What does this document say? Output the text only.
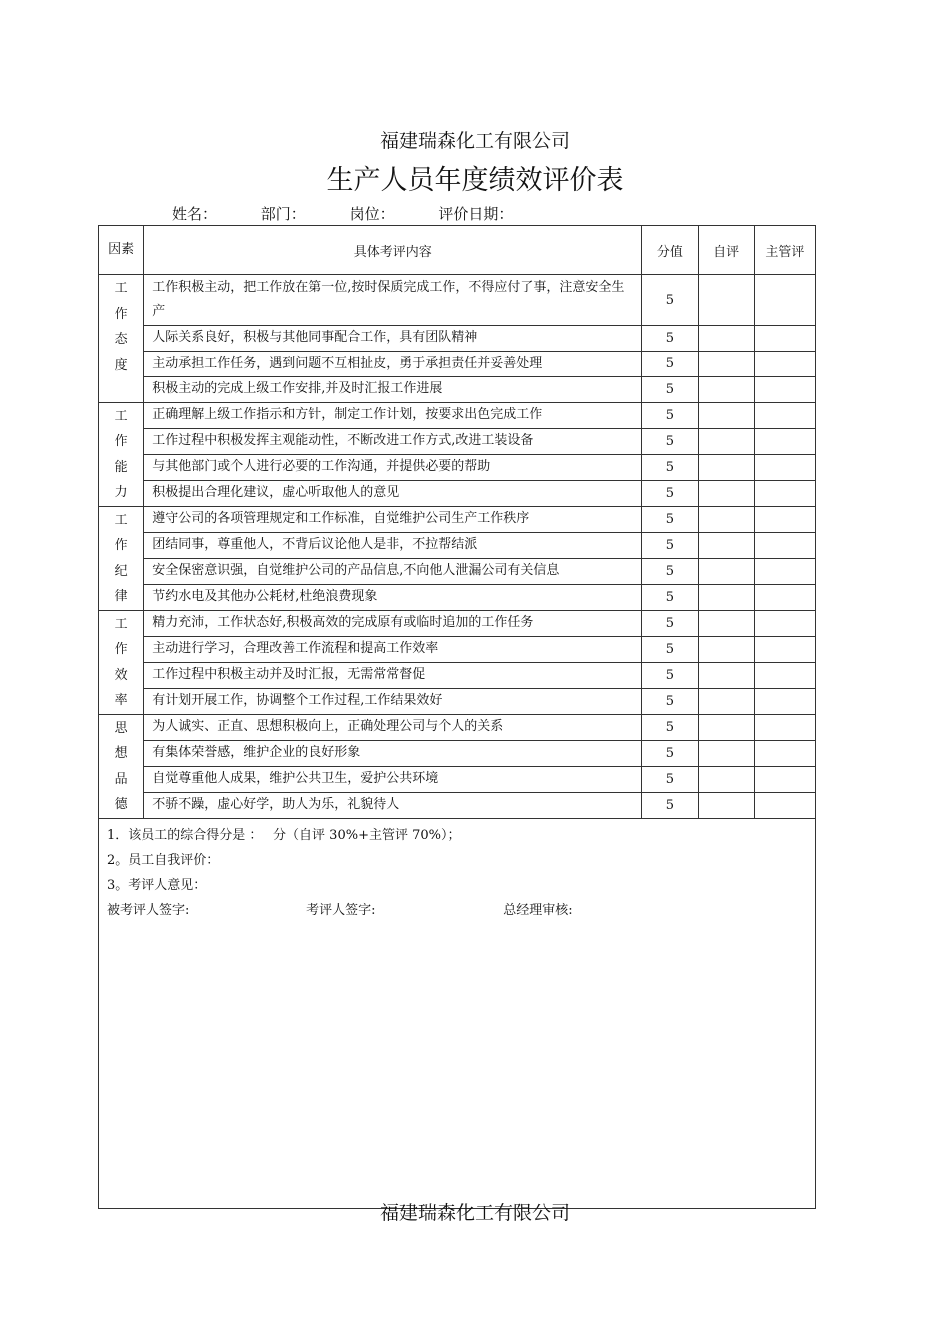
福建瑞森化工有限公司
生产人员年度绩效评价表
姓名：	部门：	岗位：	评价日期：
因素	具体考评内容	分值	自评	主管评

工作态度	工作积极主动，把工作放在第一位,按时保质完成工作，不得应付了事，注意安全生产	5		
	人际关系良好，积极与其他同事配合工作，具有团队精神	5		
	主动承担工作任务，遇到问题不互相扯皮，勇于承担责任并妥善处理	5		
	积极主动的完成上级工作安排,并及时汇报工作进展	5		

工作能力	正确理解上级工作指示和方针，制定工作计划，按要求出色完成工作	5		
	工作过程中积极发挥主观能动性，不断改进工作方式,改进工装设备	5		
	与其他部门或个人进行必要的工作沟通，并提供必要的帮助	5		
	积极提出合理化建议，虚心听取他人的意见	5		

工作纪律	遵守公司的各项管理规定和工作标准，自觉维护公司生产工作秩序	5		
	团结同事，尊重他人，不背后议论他人是非，不拉帮结派	5		
	安全保密意识强，自觉维护公司的产品信息,不向他人泄漏公司有关信息	5		
	节约水电及其他办公耗材,杜绝浪费现象	5		

工作效率	精力充沛，工作状态好,积极高效的完成原有或临时追加的工作任务	5		
	主动进行学习，合理改善工作流程和提高工作效率	5		
	工作过程中积极主动并及时汇报，无需常常督促	5		
	有计划开展工作，协调整个工作过程,工作结果效好	5		

思想品德	为人诚实、正直、思想积极向上，正确处理公司与个人的关系	5		
	有集体荣誉感，维护企业的良好形象	5		
	自觉尊重他人成果，维护公共卫生，爱护公共环境	5		
	不骄不躁，虚心好学，助人为乐，礼貌待人	5		

1．该员工的综合得分是 ：　 分（自评 30%+主管评 70%）；
2。员工自我评价：
3。考评人意见：
被考评人签字: 考评人签字: 总经理审核:				
福建瑞森化工有限公司
